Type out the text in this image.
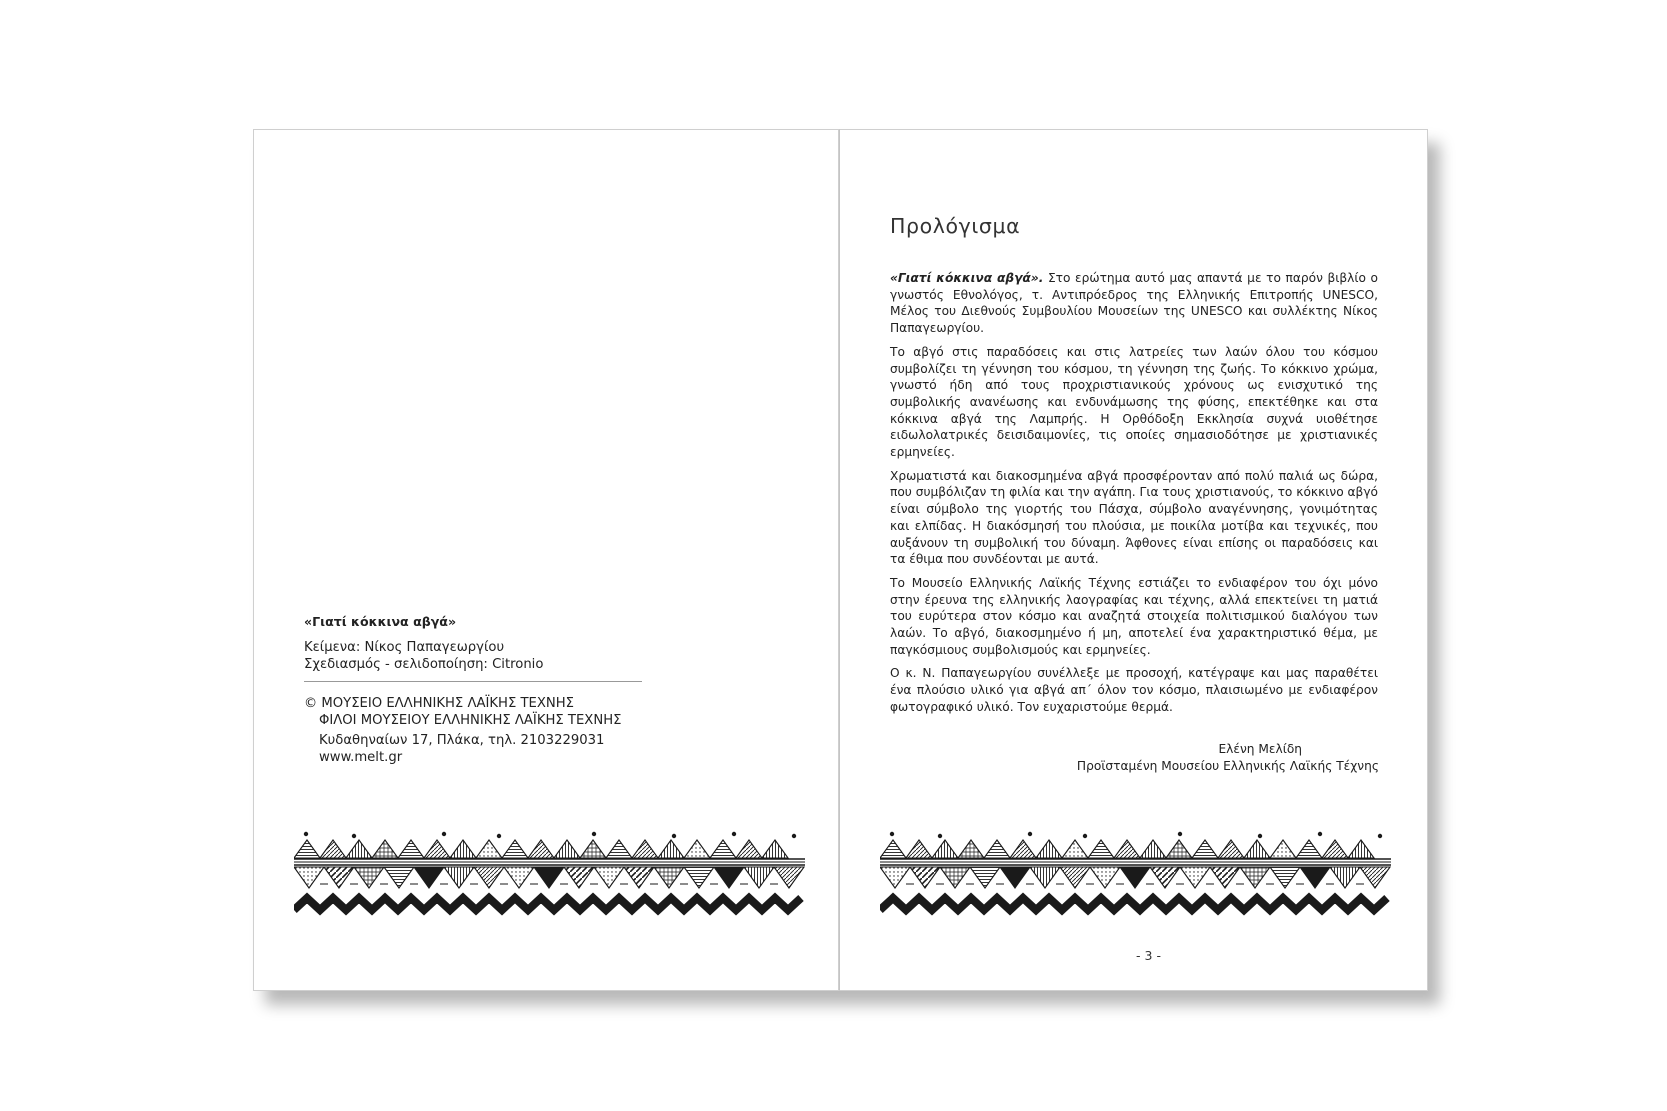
«Γιατί κόκκινα αβγά»
Κείμενα: Νίκος Παπαγεωργίου
Σχεδιασμός - σελιδοποίηση: Citronio
© ΜΟΥΣΕΙΟ ΕΛΛΗΝΙΚΗΣ ΛΑΪΚΗΣ ΤΕΧΝΗΣ
ΦΙΛΟΙ ΜΟΥΣΕΙΟΥ ΕΛΛΗΝΙΚΗΣ ΛΑΪΚΗΣ ΤΕΧΝΗΣ
Κυδαθηναίων 17, Πλάκα, τηλ. 2103229031
www.melt.gr
Προλόγισμα

«Γιατί κόκκινα αβγά». Στο ερώτημα αυτό μας απαντά με το παρόν βιβλίο ο γνωστός Εθνολόγος, τ. Αντιπρόεδρος της Ελληνικής Επιτροπής UNESCO, Μέλος του Διεθνούς Συμβουλίου Μουσείων της UNESCO και συλλέκτης Νίκος Παπαγεωργίου.

Το αβγό στις παραδόσεις και στις λατρείες των λαών όλου του κόσμου συμβολίζει τη γέννηση του κόσμου, τη γέννηση της ζωής. Το κόκκινο χρώμα, γνωστό ήδη από τους προχριστιανικούς χρόνους ως ενισχυτικό της συμβολικής ανανέωσης και ενδυνάμωσης της φύσης, επεκτέθηκε και στα κόκκινα αβγά της Λαμπρής. Η Ορθόδοξη Εκκλησία συχνά υιοθέτησε ειδωλολατρικές δεισιδαιμονίες, τις οποίες σημασιοδότησε με χριστιανικές ερμηνείες.

Χρωματιστά και διακοσμημένα αβγά προσφέρονταν από πολύ παλιά ως δώρα, που συμβόλιζαν τη φιλία και την αγάπη. Για τους χριστιανούς, το κόκκινο αβγό είναι σύμβολο της γιορτής του Πάσχα, σύμβολο αναγέννησης, γονιμότητας και ελπίδας. Η διακόσμησή του πλούσια, με ποικίλα μοτίβα και τεχνικές, που αυξάνουν τη συμβολική του δύναμη. Άφθονες είναι επίσης οι παραδόσεις και τα έθιμα που συνδέονται με αυτά.

Το Μουσείο Ελληνικής Λαϊκής Τέχνης εστιάζει το ενδιαφέρον του όχι μόνο στην έρευνα της ελληνικής λαογραφίας και τέχνης, αλλά επεκτείνει τη ματιά του ευρύτερα στον κόσμο και αναζητά στοιχεία πολιτισμικού διαλόγου των λαών. Το αβγό, διακοσμημένο ή μη, αποτελεί ένα χαρακτηριστικό θέμα, με παγκόσμιους συμβολισμούς και ερμηνείες.

Ο κ. Ν. Παπαγεωργίου συνέλλεξε με προσοχή, κατέγραψε και μας παραθέτει ένα πλούσιο υλικό για αβγά απ΄ όλον τον κόσμο, πλαισιωμένο με ενδιαφέρον φωτογραφικό υλικό. Τον ευχαριστούμε θερμά.

Ελένη Μελίδη
Προϊσταμένη Μουσείου Ελληνικής Λαϊκής Τέχνης
- 3 -
